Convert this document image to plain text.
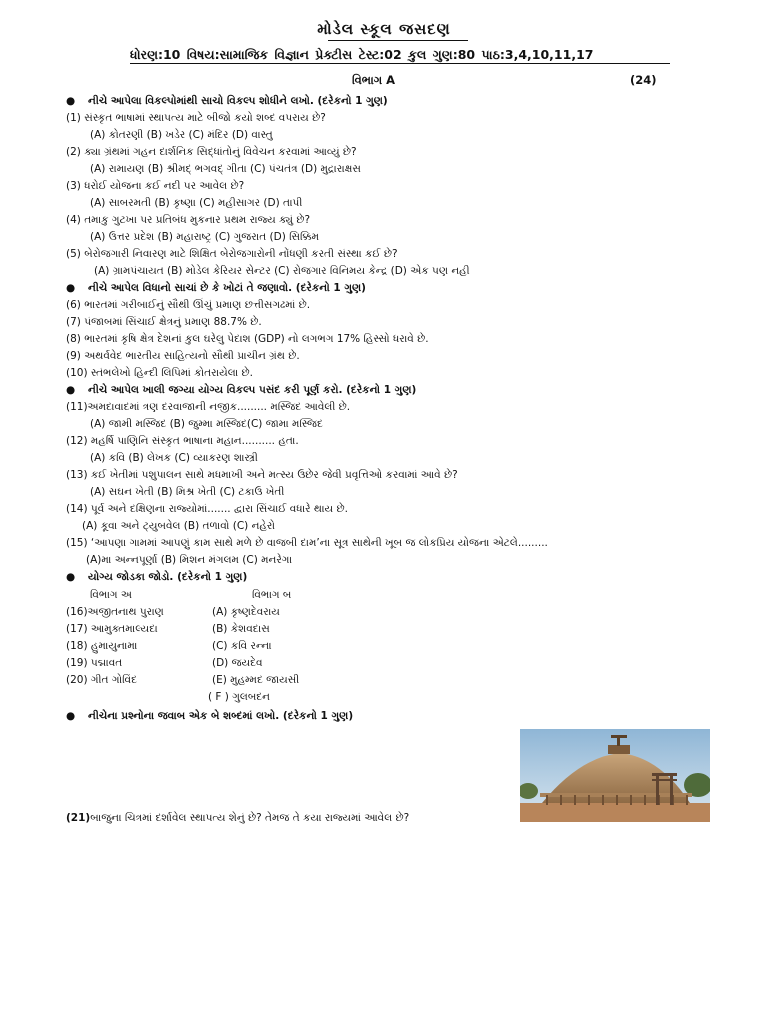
મોડેલ સ્કૂલ જસદણ
ધોરણ:10 વિષય:સામાજિક વિજ્ઞાન પ્રેક્ટીસ ટેસ્ટ:02 કુલ ગુણ:80 પાઠ:3,4,10,11,17
વિભાગ A	(24)
● નીચે આપેલા વિકલ્પોમાંથી સાચો વિકલ્પ શોધીને લખો. (દરેકનો 1 ગુણ)
(1) સંસ્કૃત ભાષામાં સ્થાપત્ય માટે બીજો કયો શબ્દ વપરાય છે?
(A) કોતરણી (B) ખડેર (C) મંદિર (D) વાસ્તુ
(2) ક્યા ગ્રંથમાં ગહન દાર્શનિક સિદ્ધાંતોનું વિવેચન કરવામાં આવ્યું છે?
(A) રામાયણ (B) શ્રીમદ્ ભગવદ્ ગીતા (C) પંચતંત્ર (D) મુદ્રારાક્ષસ
(3) ધરોઈ યોજના કઈ નદી પર આવેલ છે?
(A) સાબરમતી (B) કૃષ્ણા (C) મહીસાગર (D) તાપી
(4) તમાકુ ગુટખા પર પ્રતિબંધ મુકનાર પ્રથમ રાજ્ય ક્યું છે?
(A) ઉત્તર પ્રદેશ (B) મહારાષ્ટ્ર (C) ગુજરાત (D) સિક્કિમ
(5) બેરોજગારી નિવારણ માટે શિક્ષિત બેરોજગારોની નોંધણી કરતી સંસ્થા કઈ છે?
(A) ગ્રામપંચાયત (B) મોડેલ કેરિયર સેન્ટર (C) રોજગાર વિનિમય કેન્દ્ર (D) એક પણ નહી
● નીચે આપેલ વિધાનો સાચાં છે કે ખોટાં તે જણાવો. (દરેકનો 1 ગુણ)
(6) ભારતમાં ગરીબાઈનું સૌથી ઊંચું પ્રમાણ છત્તીસગઢમાં છે.
(7) પંજાબમાં સિંચાઈ ક્ષેત્રનું પ્રમાણ 88.7% છે.
(8) ભારતમાં કૃષિ ક્ષેત્ર દેશનાં કુલ ઘરેલુ પેદાશ (GDP) નો લગભગ 17% હિસ્સો ધરાવે છે.
(9) અથર્વવેદ ભારતીય સાહિત્યનો સૌથી પ્રાચીન ગ્રંથ છે.
(10) સ્તંભલેખો હિન્દી લિપિમાં કોતરાયેલા છે.
● નીચે આપેલ ખાલી જગ્યા યોગ્ય વિકલ્પ પસંદ કરી પૂર્ણ કરો. (દરેકનો 1 ગુણ)
(11)અમદાવાદમાં ત્રણ દરવાજાની નજીક......... મસ્જિદ આવેલી છે.
(A) જામી મસ્જિદ (B) જુમ્મા મસ્જિદ(C) જામા મસ્જિદ
(12) મહર્ષિ પાણિનિ સંસ્કૃત ભાષાના મહાન.......... હતા.
(A) કવિ (B) લેખક (C) વ્યાકરણ શાસ્ત્રી
(13) કઈ ખેતીમાં પશુપાલન સાથે મધમાખી અને મત્સ્ય ઉછેર જેવી પ્રવૃત્તિઓ કરવામાં આવે છે?
(A) સઘન ખેતી (B) મિશ્ર ખેતી (C) ટકાઉ ખેતી
(14) પૂર્વ અને દક્ષિણના રાજ્યોમાં....... દ્વારા સિંચાઈ વધારે થાય છે.
(A) કૂવા અને ટ્યુબવેલ (B) તળાવો (C) નહેરો
(15) ‘આપણા ગામમાં આપણું કામ સાથે મળે છે વાજબી દામ’ના સૂત્ર સાથેની ખૂબ જ લોકપ્રિય યોજના એટલે.........
(A)મા અન્નપૂર્ણા (B) મિશન મંગલમ (C) મનરેગા
● યોગ્ય જોડકા જોડો. (દરેકનો 1 ગુણ)
વિભાગ અ	વિભાગ બ
(16)અજીતનાથ પુરાણ
(17) આમુક્તમાલ્યદા
(18) હુમાયુનામા
(19) પદ્માવત
(20) ગીત ગોવિંદ
(A) કૃષ્ણદેવરાય
(B) કેશવદાસ
(C) કવિ રન્ના
(D) જયદેવ
(E) મુહમ્મદ જાયસી
( F ) ગુલબદન
● નીચેના પ્રશ્નોના જવાબ એક બે શબ્દમાં લખો. (દરેકનો 1 ગુણ)
(21)બાજુના ચિત્રમાં દર્શાવેલ સ્થાપત્ય શેનું છે? તેમજ તે કયા રાજ્યમાં આવેલ છે?
